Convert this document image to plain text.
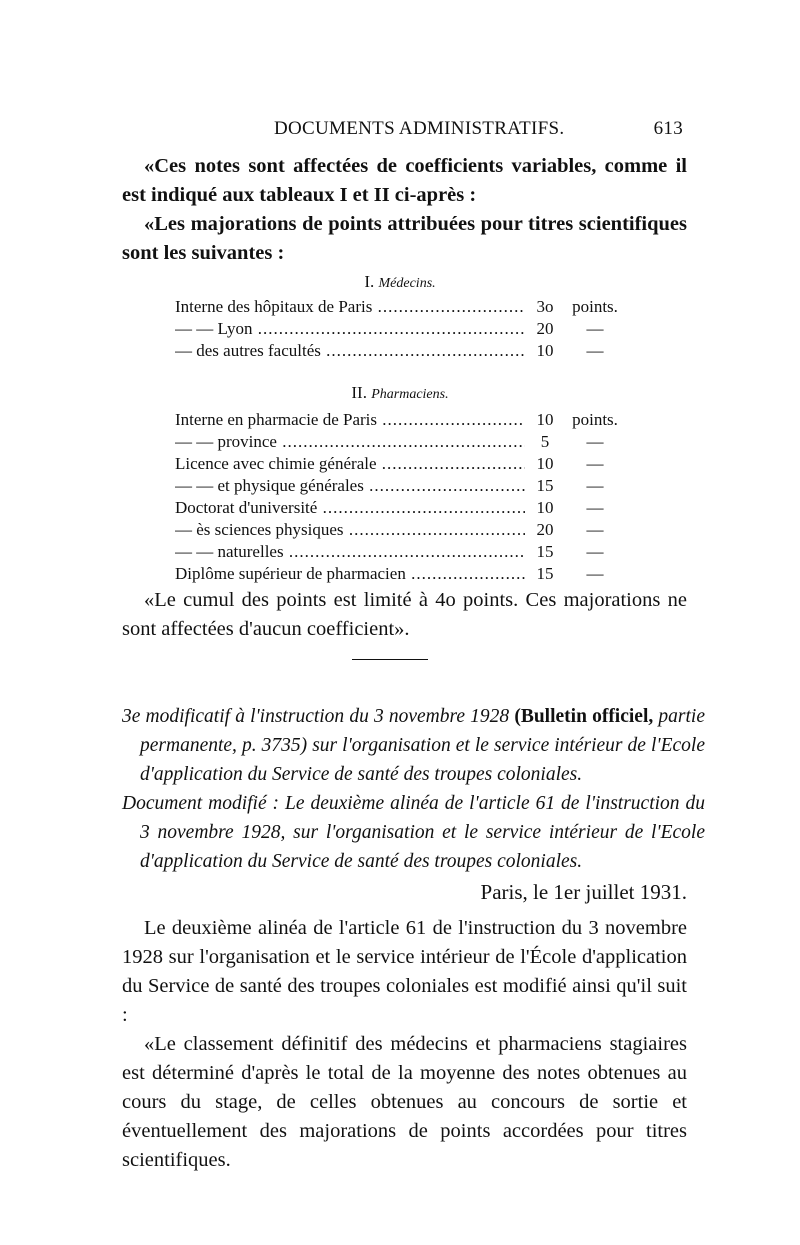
DOCUMENTS ADMINISTRATIFS.	613
«Ces notes sont affectées de coefficients variables, comme il est indiqué aux tableaux I et II ci-après :
«Les majorations de points attribuées pour titres scientifiques sont les suivantes :
I. Médecins.
Interne des hôpitaux de Paris .....	3o	points.
— — Lyon .....	20	—
— des autres facultés .....	10	—
II. Pharmaciens.
Interne en pharmacie de Paris .....	10	points.
— — province .....	5	—
Licence avec chimie générale .....	10	—
— — et physique générales .....	15	—
Doctorat d'université .....	10	—
— ès sciences physiques .....	20	—
— — naturelles .....	15	—
Diplôme supérieur de pharmacien .....	15	—
«Le cumul des points est limité à 4o points. Ces majorations ne sont affectées d'aucun coefficient».
3e modificatif à l'instruction du 3 novembre 1928 (Bulletin officiel, partie permanente, p. 3735) sur l'organisation et le service intérieur de l'Ecole d'application du Service de santé des troupes coloniales.
Document modifié : Le deuxième alinéa de l'article 61 de l'instruction du 3 novembre 1928, sur l'organisation et le service intérieur de l'Ecole d'application du Service de santé des troupes coloniales.
Paris, le 1er juillet 1931.
Le deuxième alinéa de l'article 61 de l'instruction du 3 novembre 1928 sur l'organisation et le service intérieur de l'École d'application du Service de santé des troupes coloniales est modifié ainsi qu'il suit :
«Le classement définitif des médecins et pharmaciens stagiaires est déterminé d'après le total de la moyenne des notes obtenues au cours du stage, de celles obtenues au concours de sortie et éventuellement des majorations de points accordées pour titres scientifiques.
